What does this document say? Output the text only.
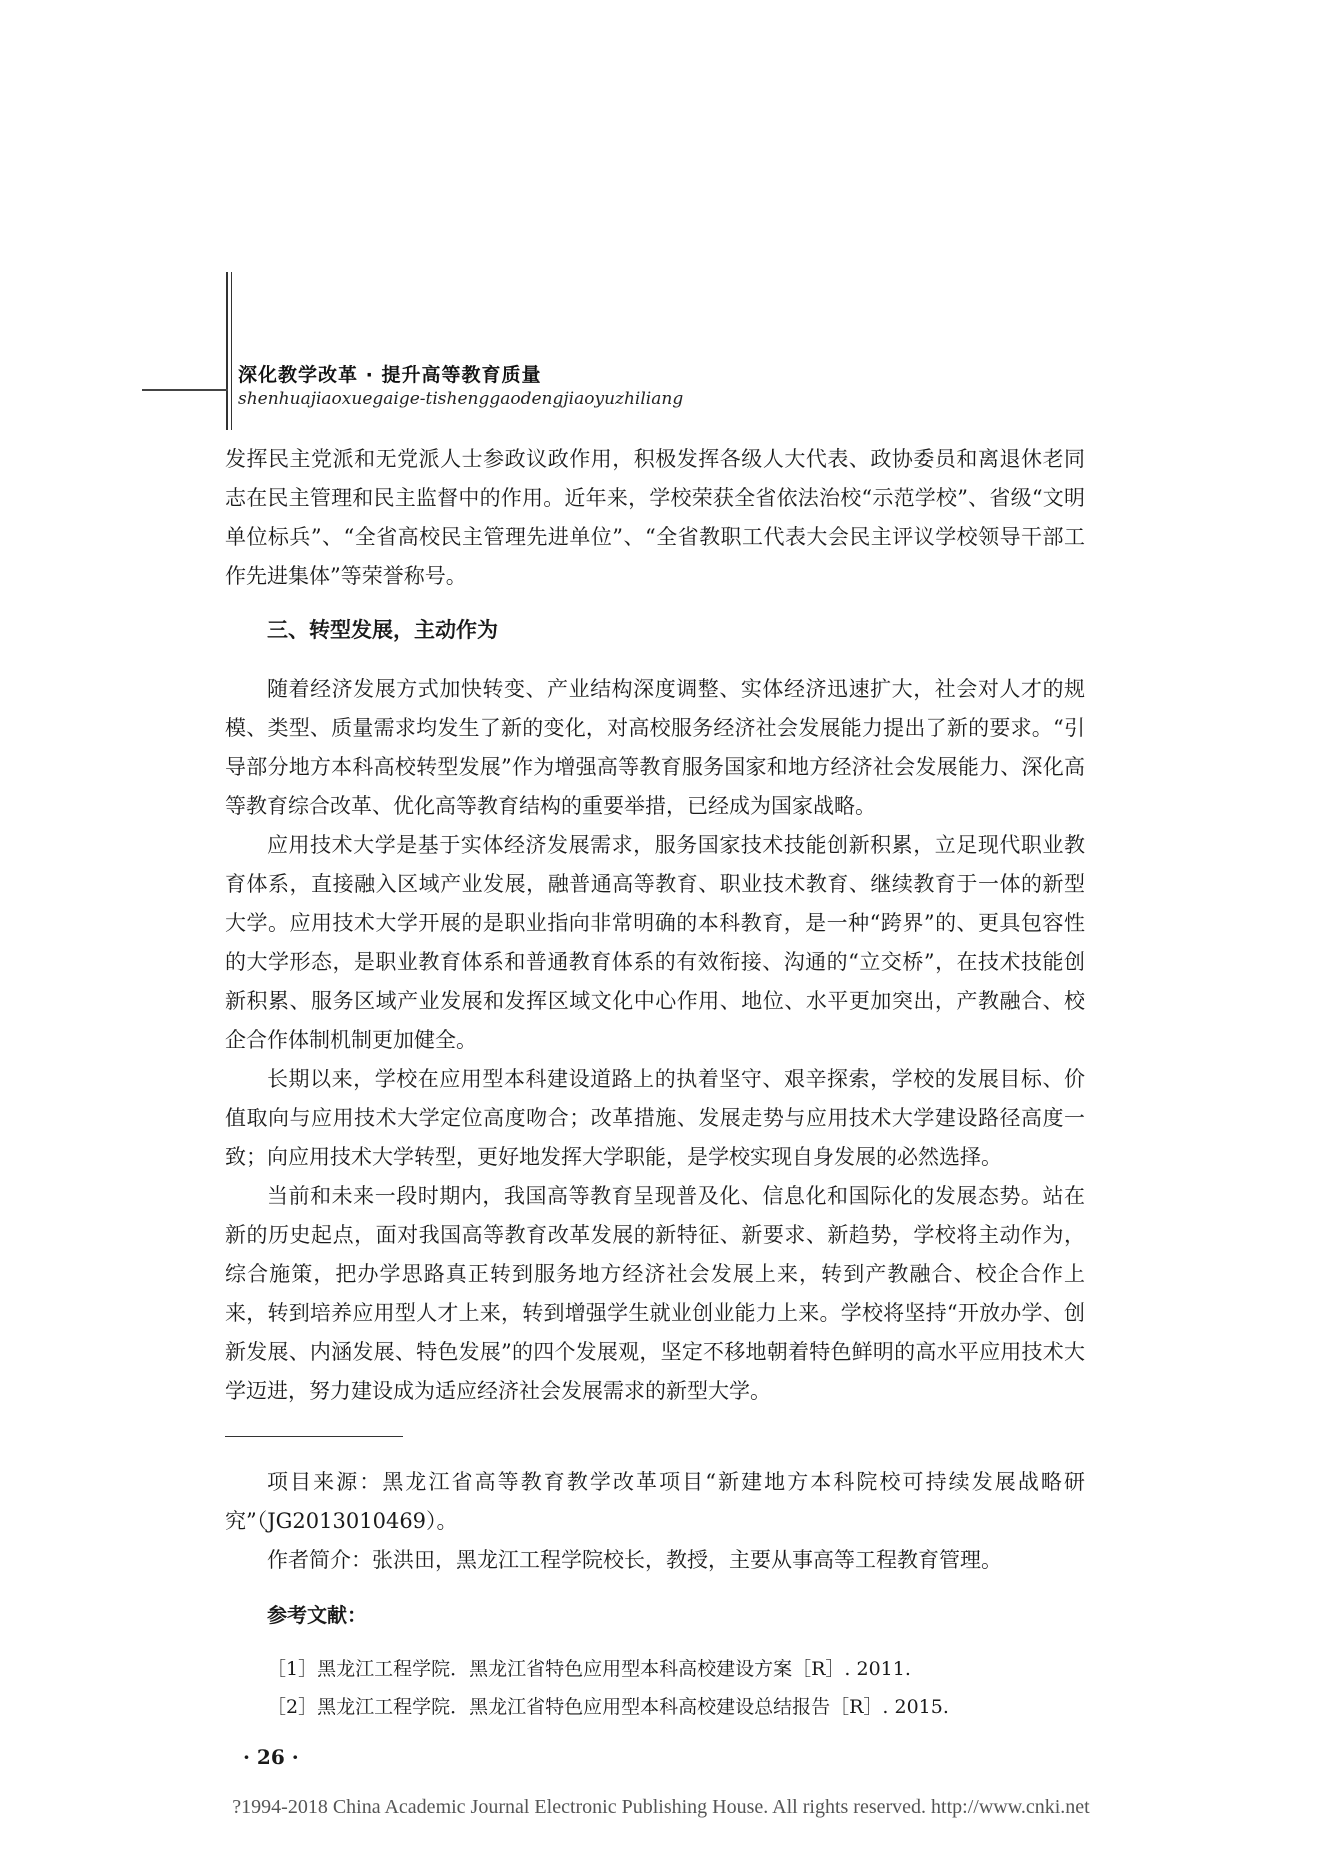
深化教学改革 · 提升高等教育质量
shenhuajiaoxuegaige-tishenggaodengjiaoyuzhiliang

发挥民主党派和无党派人士参政议政作用，积极发挥各级人大代表、政协委员和离退休老同志在民主管理和民主监督中的作用。近年来，学校荣获全省依法治校“示范学校”、省级“文明单位标兵”、“全省高校民主管理先进单位”、“全省教职工代表大会民主评议学校领导干部工作先进集体”等荣誉称号。

三、转型发展，主动作为

随着经济发展方式加快转变、产业结构深度调整、实体经济迅速扩大，社会对人才的规模、类型、质量需求均发生了新的变化，对高校服务经济社会发展能力提出了新的要求。“引导部分地方本科高校转型发展”作为增强高等教育服务国家和地方经济社会发展能力、深化高等教育综合改革、优化高等教育结构的重要举措，已经成为国家战略。

应用技术大学是基于实体经济发展需求，服务国家技术技能创新积累，立足现代职业教育体系，直接融入区域产业发展，融普通高等教育、职业技术教育、继续教育于一体的新型大学。应用技术大学开展的是职业指向非常明确的本科教育，是一种“跨界”的、更具包容性的大学形态，是职业教育体系和普通教育体系的有效衔接、沟通的“立交桥”，在技术技能创新积累、服务区域产业发展和发挥区域文化中心作用、地位、水平更加突出，产教融合、校企合作体制机制更加健全。

长期以来，学校在应用型本科建设道路上的执着坚守、艰辛探索，学校的发展目标、价值取向与应用技术大学定位高度吻合；改革措施、发展走势与应用技术大学建设路径高度一致；向应用技术大学转型，更好地发挥大学职能，是学校实现自身发展的必然选择。

当前和未来一段时期内，我国高等教育呈现普及化、信息化和国际化的发展态势。站在新的历史起点，面对我国高等教育改革发展的新特征、新要求、新趋势，学校将主动作为，综合施策，把办学思路真正转到服务地方经济社会发展上来，转到产教融合、校企合作上来，转到培养应用型人才上来，转到增强学生就业创业能力上来。学校将坚持“开放办学、创新发展、内涵发展、特色发展”的四个发展观，坚定不移地朝着特色鲜明的高水平应用技术大学迈进，努力建设成为适应经济社会发展需求的新型大学。

项目来源：黑龙江省高等教育教学改革项目“新建地方本科院校可持续发展战略研究”（JG2013010469）。

作者简介：张洪田，黑龙江工程学院校长，教授，主要从事高等工程教育管理。

参考文献：
［1］黑龙江工程学院．黑龙江省特色应用型本科高校建设方案［R］. 2011.
［2］黑龙江工程学院．黑龙江省特色应用型本科高校建设总结报告［R］. 2015.
· 26 ·
?1994-2018 China Academic Journal Electronic Publishing House. All rights reserved. http://www.cnki.net
